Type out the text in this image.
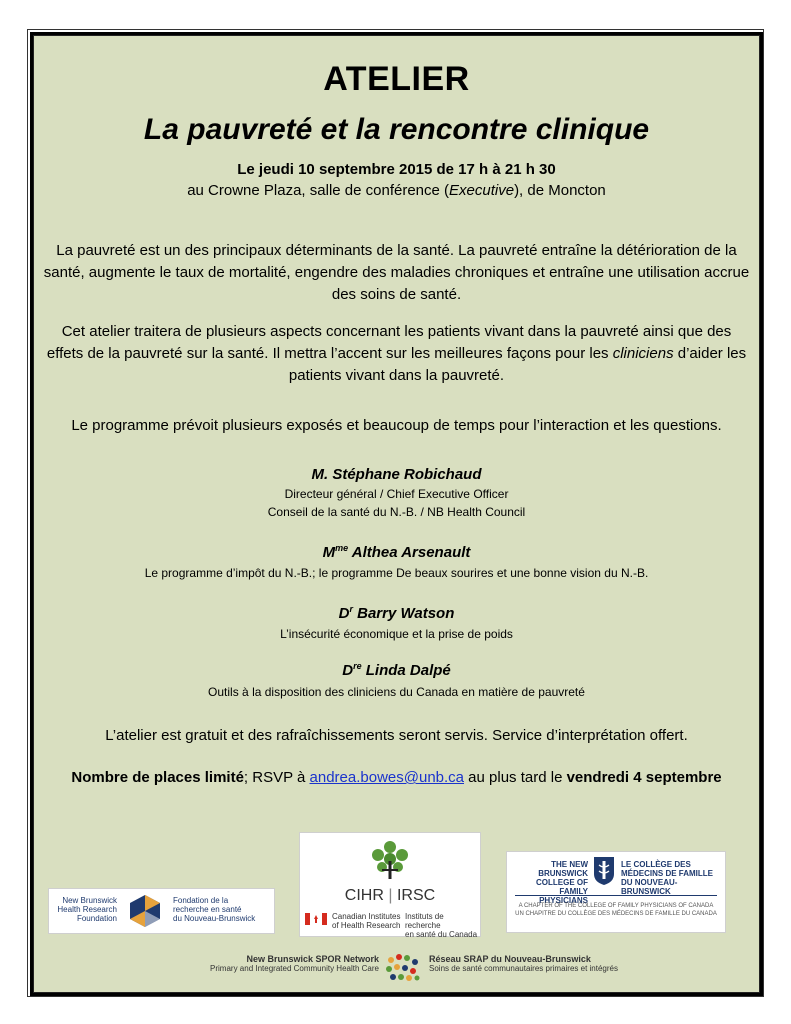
ATELIER
La pauvreté et la rencontre clinique
Le jeudi 10 septembre 2015 de 17 h à 21 h 30
au Crowne Plaza, salle de conférence (Executive), de Moncton
La pauvreté est un des principaux déterminants de la santé. La pauvreté entraîne la détérioration de la santé, augmente le taux de mortalité, engendre des maladies chroniques et entraîne une utilisation accrue des soins de santé.
Cet atelier traitera de plusieurs aspects concernant les patients vivant dans la pauvreté ainsi que des effets de la pauvreté sur la santé. Il mettra l’accent sur les meilleures façons pour les cliniciens d’aider les patients vivant dans la pauvreté.
Le programme prévoit plusieurs exposés et beaucoup de temps pour l’interaction et les questions.
M. Stéphane Robichaud
Directeur général / Chief Executive Officer
Conseil de la santé du N.-B. / NB Health Council
$M^{me}$ Althea Arsenault
Le programme d’impôt du N.-B.; le programme De beaux sourires et une bonne vision du N.-B.
$D^r$ Barry Watson
L’insécurité économique et la prise de poids
Dre Linda Dalpé
Outils à la disposition des cliniciens du Canada en matière de pauvreté
L’atelier est gratuit et des rafraîchissements seront servis. Service d’interprétation offert.
Nombre de places limité; RSVP à andrea.bowes@unb.ca au plus tard le vendredi 4 septembre
New Brunswick
Health Research
Foundation
Fondation de la
recherche en santé
du Nouveau-Brunswick
CIHR | IRSC
Canadian Institutes
of Health Research
Instituts de recherche
en santé du Canada
THE NEW BRUNSWICK
COLLEGE OF
FAMILY PHYSICIANS
LE COLLÈGE DES
MÉDECINS DE FAMILLE
DU NOUVEAU-BRUNSWICK
A CHAPTER OF THE COLLEGE OF FAMILY PHYSICIANS OF CANADA
UN CHAPITRE DU COLLÈGE DES MÉDECINS DE FAMILLE DU CANADA
New Brunswick SPOR Network
Primary and Integrated Community Health Care
Réseau SRAP du Nouveau-Brunswick
Soins de santé communautaires primaires et intégrés
